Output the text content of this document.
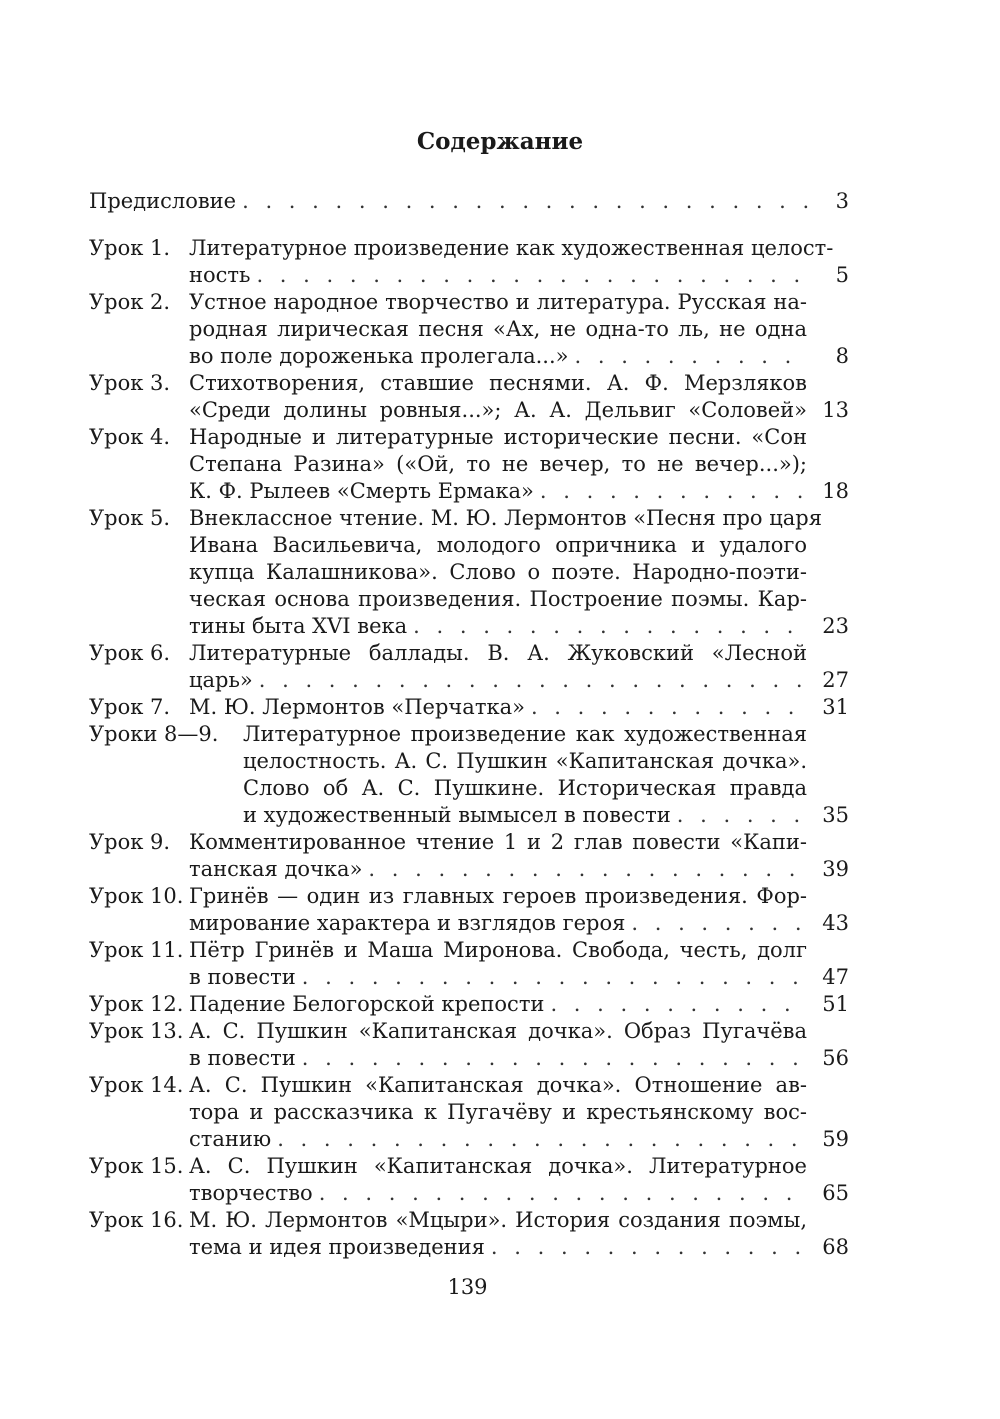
Содержание
Предисловие . . .	3
Урок 1. Литературное произведение как художественная целост-
ность . . .	5
Урок 2. Устное народное творчество и литература. Русская на-
родная лирическая песня «Ах, не одна-то ль, не одна
во поле дороженька пролегала...» . . .	8
Урок 3. Стихотворения, ставшие песнями. А. Ф. Мерзляков
«Среди долины ровныя...»; А. А. Дельвиг «Соловей» 13
Урок 4. Народные и литературные исторические песни. «Сон
Степана Разина» («Ой, то не вечер, то не вечер...»);
К. Ф. Рылеев «Смерть Ермака» . . .	18
Урок 5. Внеклассное чтение. М. Ю. Лермонтов «Песня про царя
Ивана Васильевича, молодого опричника и удалого
купца Калашникова». Слово о поэте. Народно-поэти-
ческая основа произведения. Построение поэмы. Кар-
тины быта XVI века . . .	23
Урок 6. Литературные баллады. В. А. Жуковский «Лесной
царь» . . .	27
Урок 7. М. Ю. Лермонтов «Перчатка» . . .	31
Уроки 8—9.	Литературное произведение как художественная
целостность. А. С. Пушкин «Капитанская дочка».
Слово об А. С. Пушкине. Историческая правда
и художественный вымысел в повести . . .	35
Урок 9. Комментированное чтение 1 и 2 глав повести «Капи-
танская дочка» . . .	39
Урок 10. Гринёв — один из главных героев произведения. Фор-
мирование характера и взглядов героя . . .	43
Урок 11. Пётр Гринёв и Маша Миронова. Свобода, честь, долг
в повести . . .	47
Урок 12. Падение Белогорской крепости . . .	51
Урок 13. А. С. Пушкин «Капитанская дочка». Образ Пугачёва
в повести . . .	56
Урок 14. А. С. Пушкин «Капитанская дочка». Отношение ав-
тора и рассказчика к Пугачёву и крестьянскому вос-
станию . . .	59
Урок 15. А. С. Пушкин «Капитанская дочка». Литературное
творчество . . .	65
Урок 16. М. Ю. Лермонтов «Мцыри». История создания поэмы,
тема и идея произведения . . .	68
139
